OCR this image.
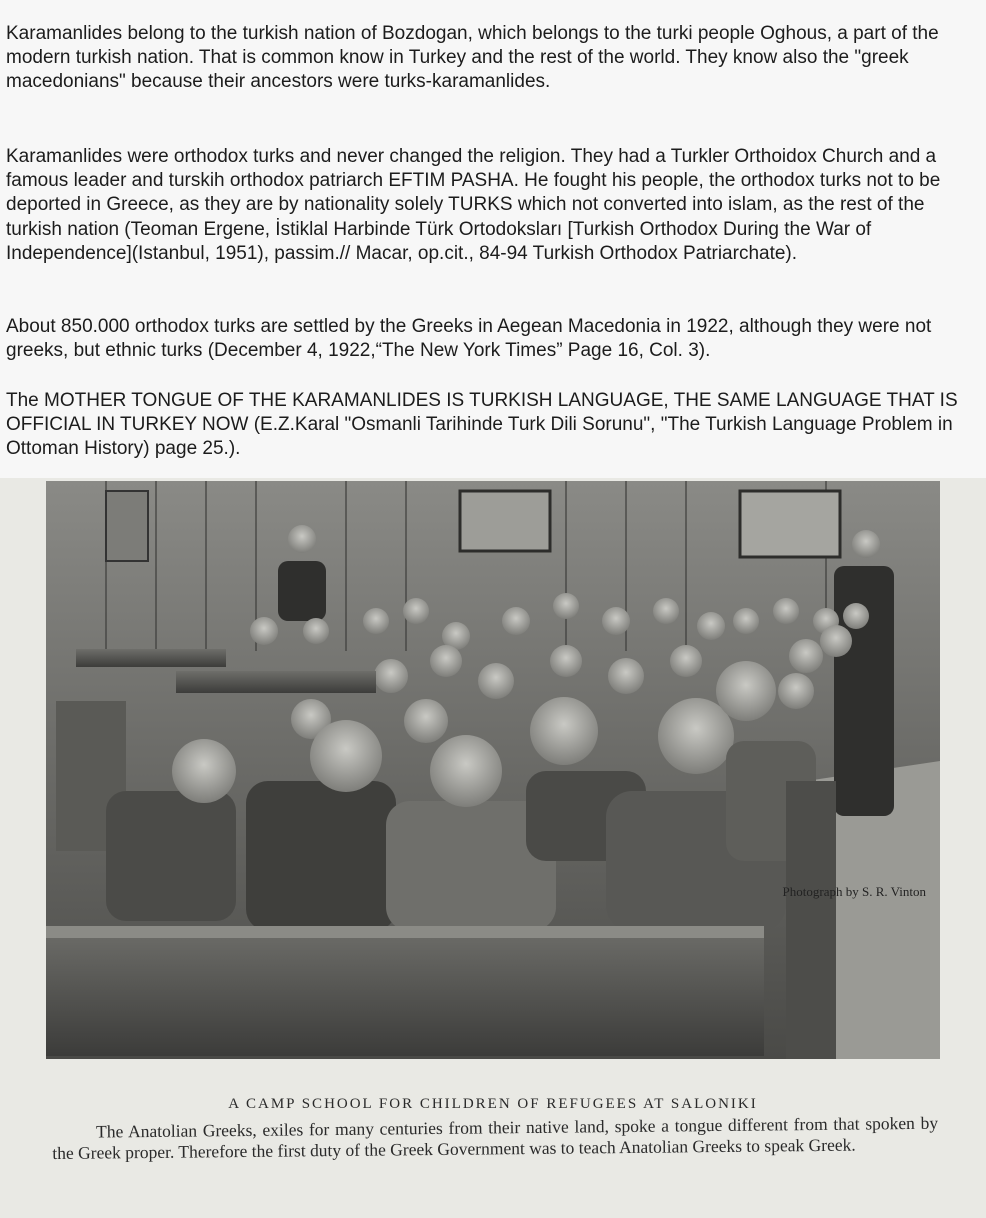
Karamanlides belong to the turkish nation of Bozdogan, which belongs to the turki people Oghous, a part of the modern turkish nation. That is common know in Turkey and the rest of the world. They know also the "greek macedonians" because their ancestors were turks-karamanlides.
Karamanlides were orthodox turks and never changed the religion. They had a Turkler Orthoidox Church and a famous leader and turskih orthodox patriarch EFTIM PASHA. He fought his people, the orthodox turks not to be deported in Greece, as they are by nationality solely TURKS which not converted into islam, as the rest of the turkish nation (Teoman Ergene, İstiklal Harbinde Türk Ortodoksları [Turkish Orthodox During the War of Independence](Istanbul, 1951), passim.// Macar, op.cit., 84-94 Turkish Orthodox Patriarchate).
About 850.000 orthodox turks are settled by the Greeks in Aegean Macedonia in 1922, although they were not greeks, but ethnic turks (December 4, 1922,“The New York Times” Page 16, Col. 3).
The MOTHER TONGUE OF THE KARAMANLIDES IS TURKISH LANGUAGE, THE SAME LANGUAGE THAT IS OFFICIAL IN TURKEY NOW (E.Z.Karal "Osmanli Tarihinde Turk Dili Sorunu", "The Turkish Language Problem in Ottoman History) page 25.).
Photograph by S. R. Vinton
A CAMP SCHOOL FOR CHILDREN OF REFUGEES AT SALONIKI
The Anatolian Greeks, exiles for many centuries from their native land, spoke a tongue different from that spoken by the Greek proper. Therefore the first duty of the Greek Government was to teach Anatolian Greeks to speak Greek.
